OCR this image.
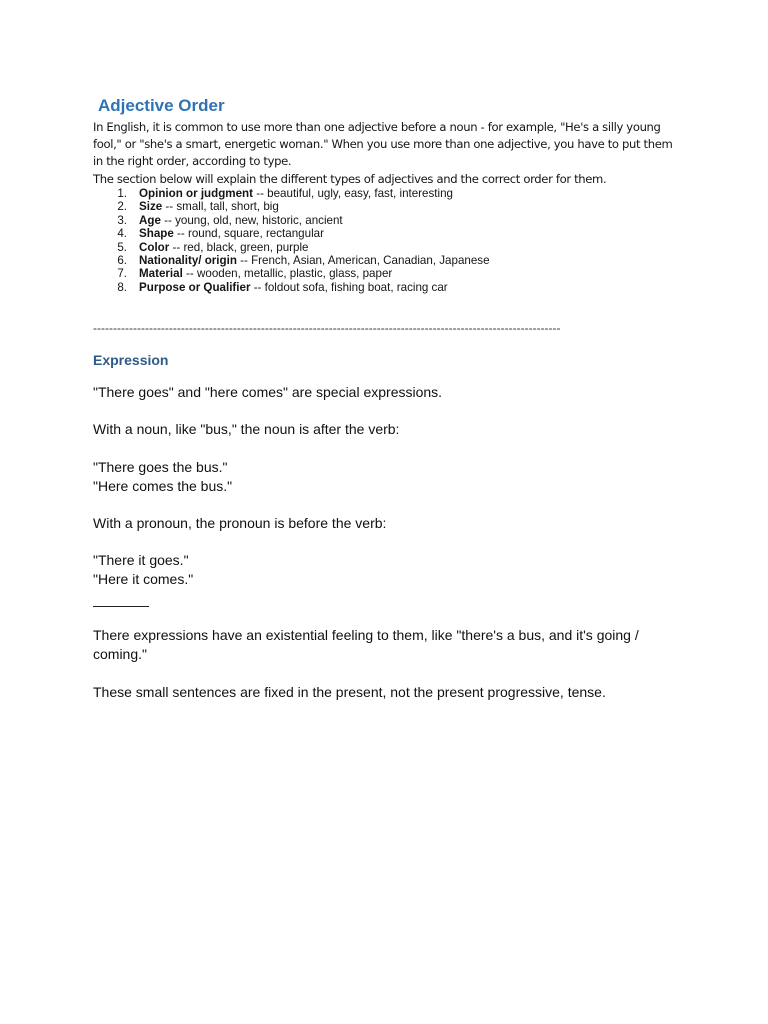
Adjective Order

In English, it is common to use more than one adjective before a noun - for example, "He's a silly young fool," or "she's a smart, energetic woman." When you use more than one adjective, you have to put them in the right order, according to type.

The section below will explain the different types of adjectives and the correct order for them.

1.	Opinion or judgment -- beautiful, ugly, easy, fast, interesting
2.	Size -- small, tall, short, big
3.	Age -- young, old, new, historic, ancient
4.	Shape -- round, square, rectangular
5.	Color -- red, black, green, purple
6.	Nationality/ origin -- French, Asian, American, Canadian, Japanese
7.	Material -- wooden, metallic, plastic, glass, paper
8.	Purpose or Qualifier -- foldout sofa, fishing boat, racing car

---------------------------------------------------------------------------------------------------------------------

Expression

"There goes" and "here comes" are special expressions.

With a noun, like "bus," the noun is after the verb:

"There goes the bus."

"Here comes the bus."

With a pronoun, the pronoun is before the verb:

"There it goes."

"Here it comes."

There expressions have an existential feeling to them, like "there's a bus, and it's going / coming."

These small sentences are fixed in the present, not the present progressive, tense.
